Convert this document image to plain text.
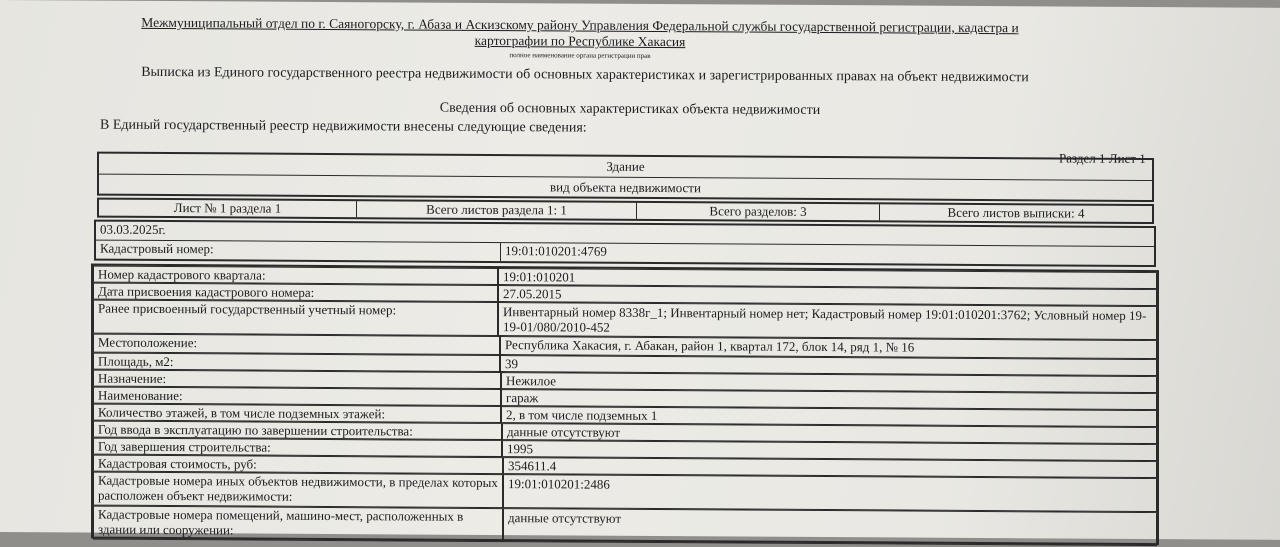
Межмуниципальный отдел по г. Саяногорску, г. Абаза и Аскизскому району Управления Федеральной службы государственной регистрации, кадастра и
картографии по Республике Хакасия
полное наименование органа регистрации прав
Выписка из Единого государственного реестра недвижимости об основных характеристиках и зарегистрированных правах на объект недвижимости
Сведения об основных характеристиках объекта недвижимости
В Единый государственный реестр недвижимости внесены следующие сведения:
Раздел 1 Лист 1
Здание
вид объекта недвижимости
Лист № 1 раздела 1	Всего листов раздела 1: 1	Всего разделов: 3	Всего листов выписки: 4
03.03.2025г.
Кадастровый номер:	19:01:010201:4769
Номер кадастрового квартала:	19:01:010201
Дата присвоения кадастрового номера:	27.05.2015
Ранее присвоенный государственный учетный номер:	Инвентарный номер 8338г_1; Инвентарный номер нет; Кадастровый номер 19:01:010201:3762; Условный номер 19-19-01/080/2010-452
Местоположение:	Республика Хакасия, г. Абакан, район 1, квартал 172, блок 14, ряд 1, № 16
Площадь, м2:	39
Назначение:	Нежилое
Наименование:	гараж
Количество этажей, в том числе подземных этажей:	2, в том числе подземных 1
Год ввода в эксплуатацию по завершении строительства:	данные отсутствуют
Год завершения строительства:	1995
Кадастровая стоимость, руб:	354611.4
Кадастровые номера иных объектов недвижимости, в пределах которых расположен объект недвижимости:
19:01:010201:2486
Кадастровые номера помещений, машино-мест, расположенных в здании или сооружении:
данные отсутствуют
